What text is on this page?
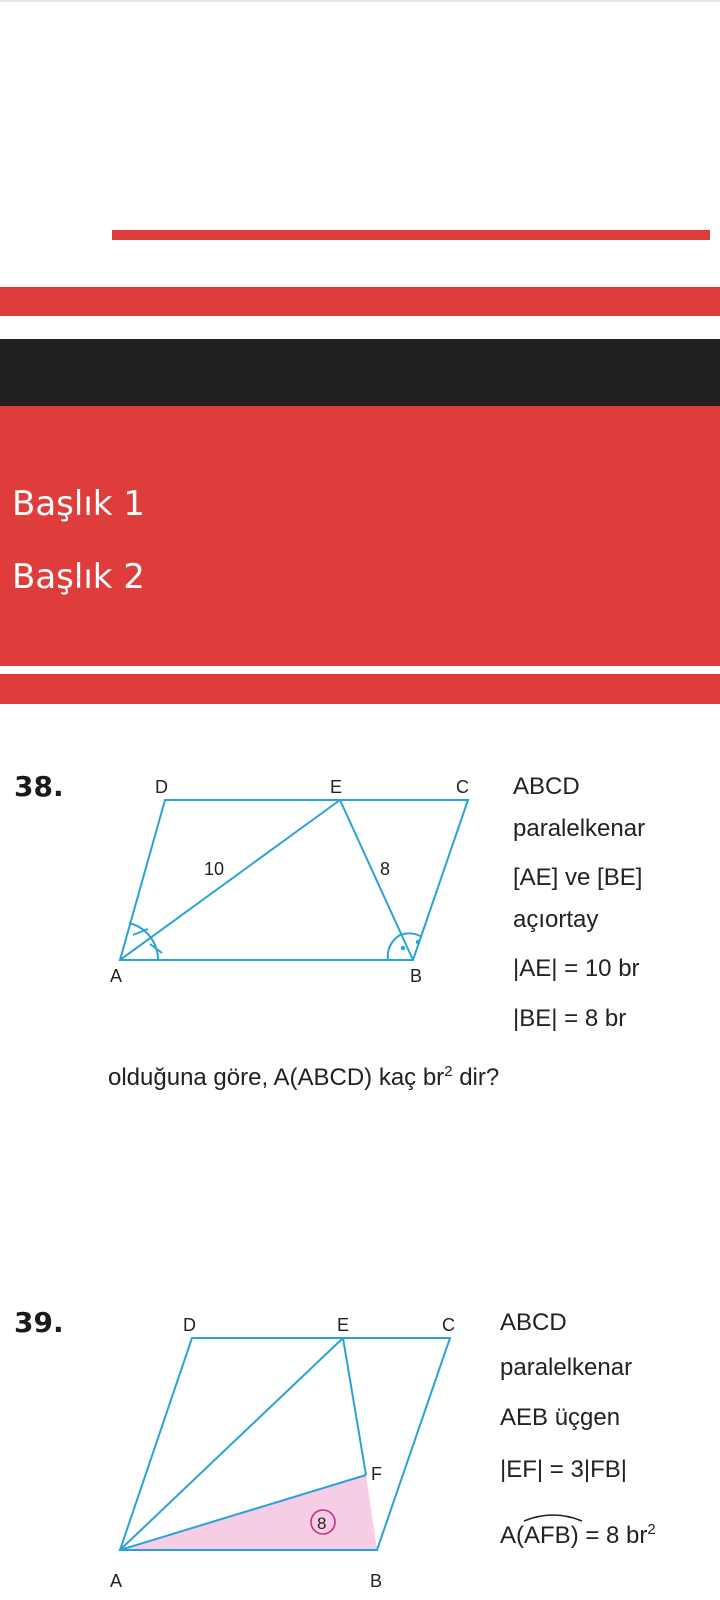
Başlık 1
Başlık 2
38.	D	E	C
A	B
10	8
ABCD
paralelkenar
[AE] ve [BE]
açıortay
|AE| = 10 br
|BE| = 8 br
olduğuna göre, A(ABCD) kaç $br^2$ dir?
39.
8
D	E	C
F
A	B
ABCD
paralelkenar
AEB üçgen
|EF| = 3|FB|
A(
AFB) = 8 $br^2$
